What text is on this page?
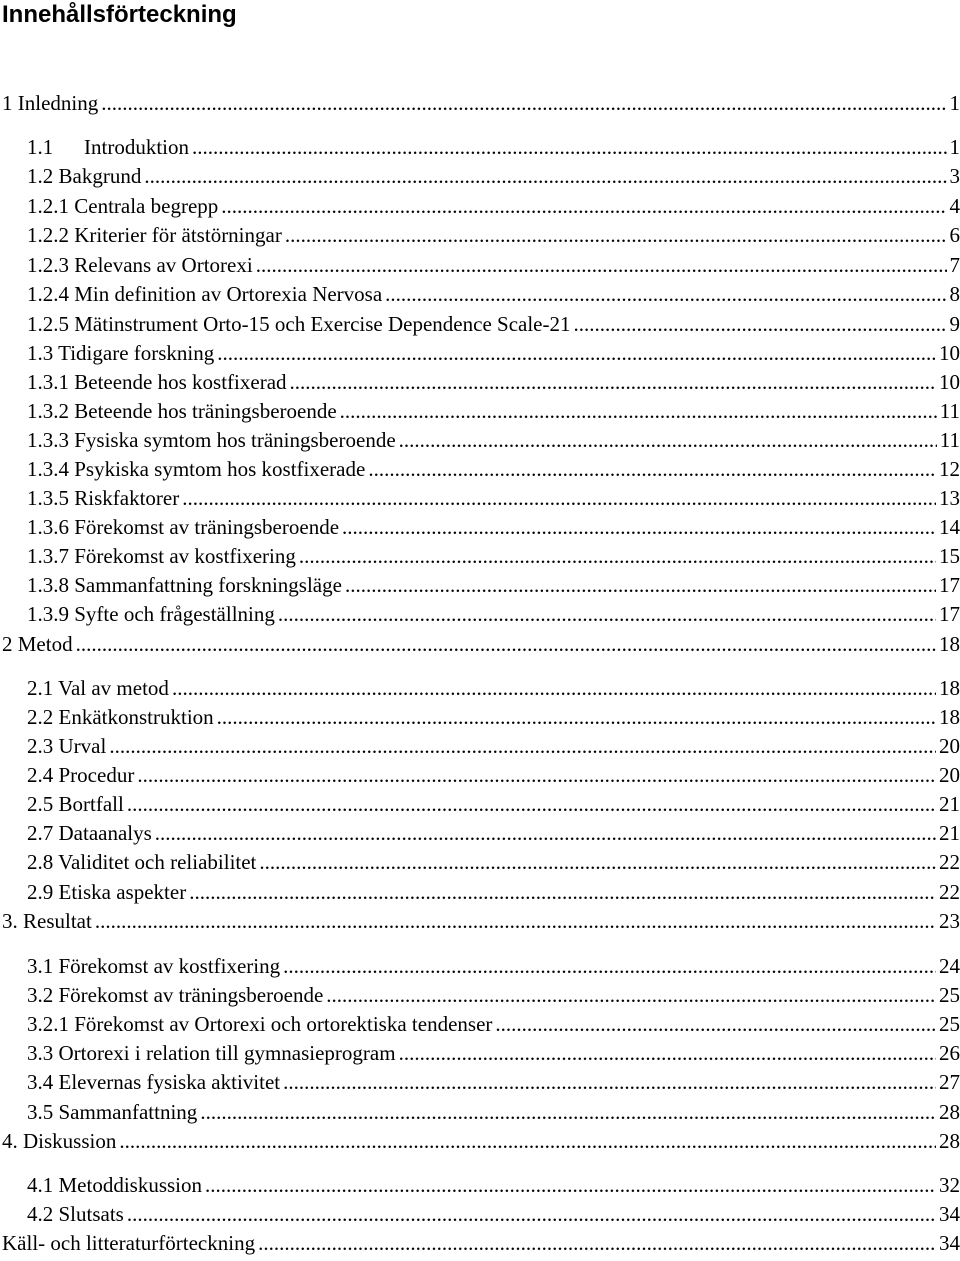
Innehållsförteckning
1 Inledning .....	1
1.1 Introduktion .....	1
1.2 Bakgrund .....	3
1.2.1 Centrala begrepp .....	4
1.2.2 Kriterier för ätstörningar .....	6
1.2.3 Relevans av Ortorexi .....	7
1.2.4 Min definition av Ortorexia Nervosa .....	8
1.2.5 Mätinstrument Orto-15 och Exercise Dependence Scale-21 .....	9
1.3 Tidigare forskning .....	10
1.3.1 Beteende hos kostfixerad .....	10
1.3.2 Beteende hos träningsberoende .....	11
1.3.3 Fysiska symtom hos träningsberoende .....	11
1.3.4 Psykiska symtom hos kostfixerade .....	12
1.3.5 Riskfaktorer .....	13
1.3.6 Förekomst av träningsberoende .....	14
1.3.7 Förekomst av kostfixering .....	15
1.3.8 Sammanfattning forskningsläge .....	17
1.3.9 Syfte och frågeställning .....	17
2 Metod .....	18
2.1 Val av metod .....	18
2.2 Enkätkonstruktion .....	18
2.3 Urval .....	20
2.4 Procedur .....	20
2.5 Bortfall .....	21
2.7 Dataanalys .....	21
2.8 Validitet och reliabilitet .....	22
2.9 Etiska aspekter .....	22
3. Resultat .....	23
3.1 Förekomst av kostfixering .....	24
3.2 Förekomst av träningsberoende .....	25
3.2.1 Förekomst av Ortorexi och ortorektiska tendenser .....	25
3.3 Ortorexi i relation till gymnasieprogram .....	26
3.4 Elevernas fysiska aktivitet .....	27
3.5 Sammanfattning .....	28
4. Diskussion .....	28
4.1 Metoddiskussion .....	32
4.2 Slutsats .....	34
Käll- och litteraturförteckning .....	34
